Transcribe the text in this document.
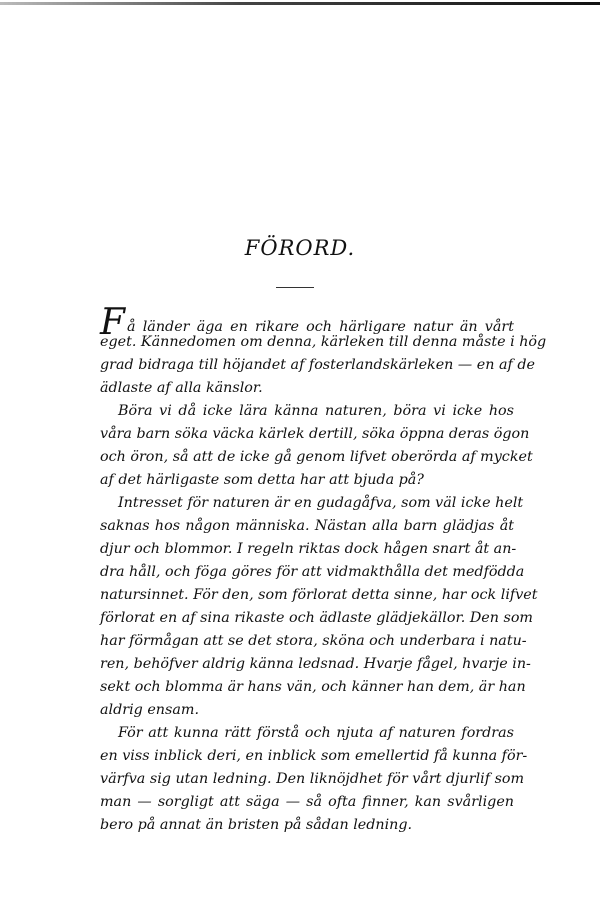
FÖRORD.
Få länder äga en rikare och härligare natur än vårt
eget. Kännedomen om denna, kärleken till denna måste i hög
grad bidraga till höjandet af fosterlandskärleken — en af de
ädlaste af alla känslor.
Böra vi då icke lära känna naturen, böra vi icke hos
våra barn söka väcka kärlek dertill, söka öppna deras ögon
och öron, så att de icke gå genom lifvet oberörda af mycket
af det härligaste som detta har att bjuda på?
Intresset för naturen är en gudagåfva, som väl icke helt
saknas hos någon människa. Nästan alla barn glädjas åt
djur och blommor. I regeln riktas dock hågen snart åt an-
dra håll, och föga göres för att vidmakthålla det medfödda
natursinnet. För den, som förlorat detta sinne, har ock lifvet
förlorat en af sina rikaste och ädlaste glädjekällor. Den som
har förmågan att se det stora, sköna och underbara i natu-
ren, behöfver aldrig känna ledsnad. Hvarje fågel, hvarje in-
sekt och blomma är hans vän, och känner han dem, är han
aldrig ensam.
För att kunna rätt förstå och njuta af naturen fordras
en viss inblick deri, en inblick som emellertid få kunna för-
värfva sig utan ledning. Den liknöjdhet för vårt djurlif som
man — sorgligt att säga — så ofta finner, kan svårligen
bero på annat än bristen på sådan ledning.
